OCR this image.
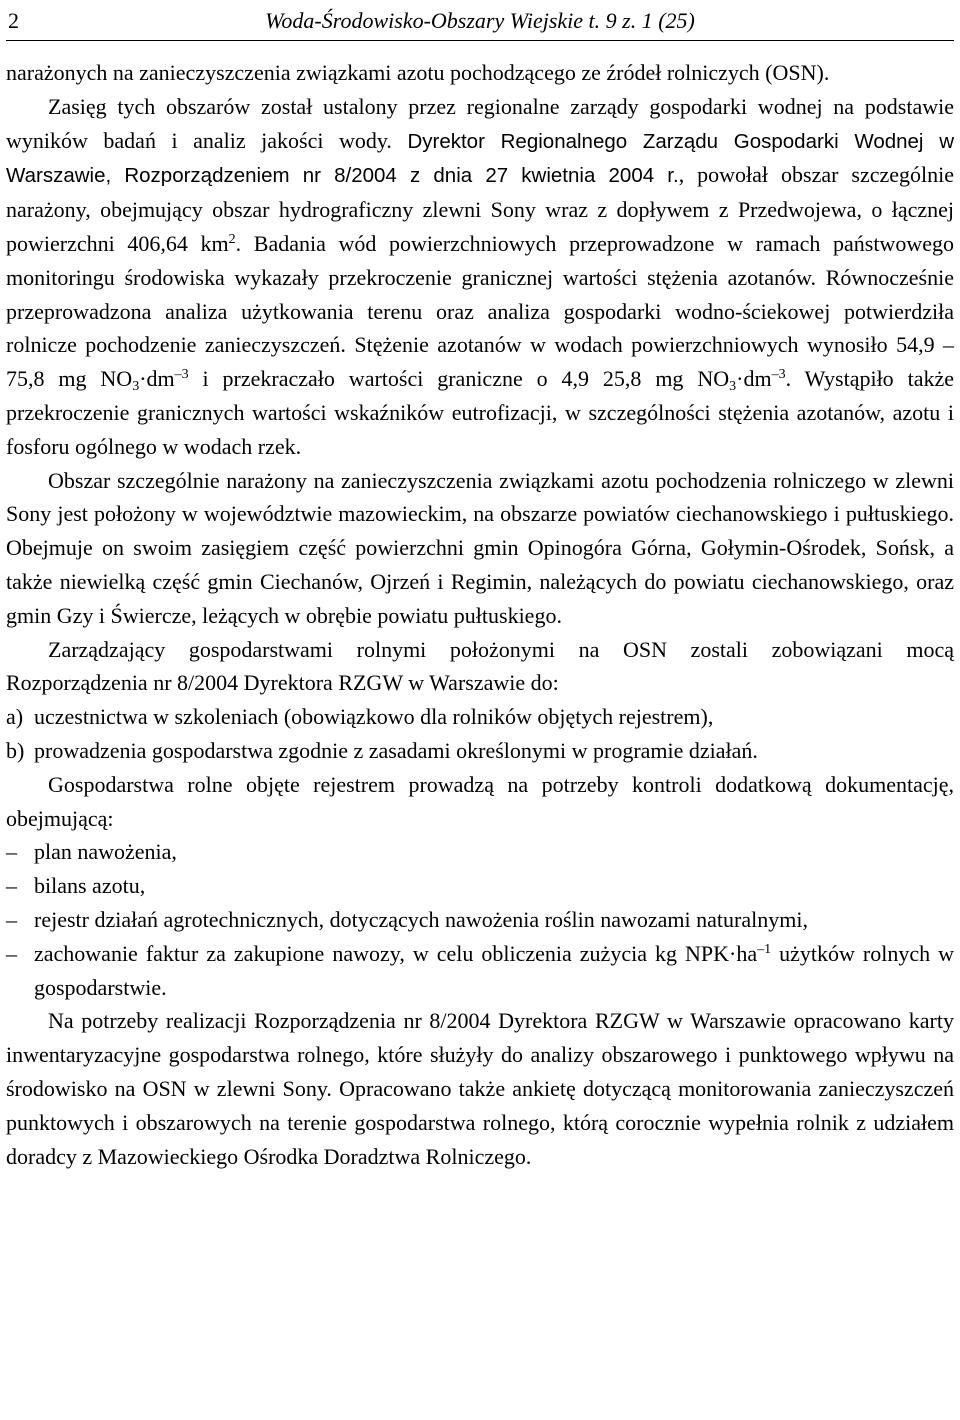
2	Woda-Środowisko-Obszary Wiejskie t. 9 z. 1 (25)

narażonych na zanieczyszczenia związkami azotu pochodzącego ze źródeł rolniczych (OSN).

Zasięg tych obszarów został ustalony przez regionalne zarządy gospodarki wodnej na podstawie wyników badań i analiz jakości wody. Dyrektor Regionalnego Zarządu Gospodarki Wodnej w Warszawie, Rozporządzeniem nr 8/2004 z dnia 27 kwietnia 2004 r., powołał obszar szczególnie narażony, obejmujący obszar hydrograficzny zlewni Sony wraz z dopływem z Przedwojewa, o łącznej powierzchni 406,64 $km^2$. Badania wód powierzchniowych przeprowadzone w ramach państwowego monitoringu środowiska wykazały przekroczenie granicznej wartości stężenia azotanów. Równocześnie przeprowadzona analiza użytkowania terenu oraz analiza gospodarki wodno-ściekowej potwierdziła rolnicze pochodzenie zanieczyszczeń. Stężenie azotanów w wodach powierzchniowych wynosiło 54,9 –75,8 mg $NO_3\cdot dm^{-3}$ i przekraczało wartości graniczne o 4,9 25,8 mg $NO_3\cdot dm^{-3}$. Wystąpiło także przekroczenie granicznych wartości wskaźników eutrofizacji, w szczególności stężenia azotanów, azotu i fosforu ogólnego w wodach rzek.

Obszar szczególnie narażony na zanieczyszczenia związkami azotu pochodzenia rolniczego w zlewni Sony jest położony w województwie mazowieckim, na obszarze powiatów ciechanowskiego i pułtuskiego. Obejmuje on swoim zasięgiem część powierzchni gmin Opinogóra Górna, Gołymin-Ośrodek, Sońsk, a także niewielką część gmin Ciechanów, Ojrzeń i Regimin, należących do powiatu ciechanowskiego, oraz gmin Gzy i Świercze, leżących w obrębie powiatu pułtuskiego.

Zarządzający gospodarstwami rolnymi położonymi na OSN zostali zobowiązani mocą Rozporządzenia nr 8/2004 Dyrektora RZGW w Warszawie do:

a) uczestnictwa w szkoleniach (obowiązkowo dla rolników objętych rejestrem),
b) prowadzenia gospodarstwa zgodnie z zasadami określonymi w programie działań.

Gospodarstwa rolne objęte rejestrem prowadzą na potrzeby kontroli dodatkową dokumentację, obejmującą:

– plan nawożenia,
– bilans azotu,
– rejestr działań agrotechnicznych, dotyczących nawożenia roślin nawozami naturalnymi,
– zachowanie faktur za zakupione nawozy, w celu obliczenia zużycia kg $NPK\cdot ha^{-1}$ użytków rolnych w gospodarstwie.

Na potrzeby realizacji Rozporządzenia nr 8/2004 Dyrektora RZGW w Warszawie opracowano karty inwentaryzacyjne gospodarstwa rolnego, które służyły do analizy obszarowego i punktowego wpływu na środowisko na OSN w zlewni Sony. Opracowano także ankietę dotyczącą monitorowania zanieczyszczeń punktowych i obszarowych na terenie gospodarstwa rolnego, którą corocznie wypełnia rolnik z udziałem doradcy z Mazowieckiego Ośrodka Doradztwa Rolniczego.
